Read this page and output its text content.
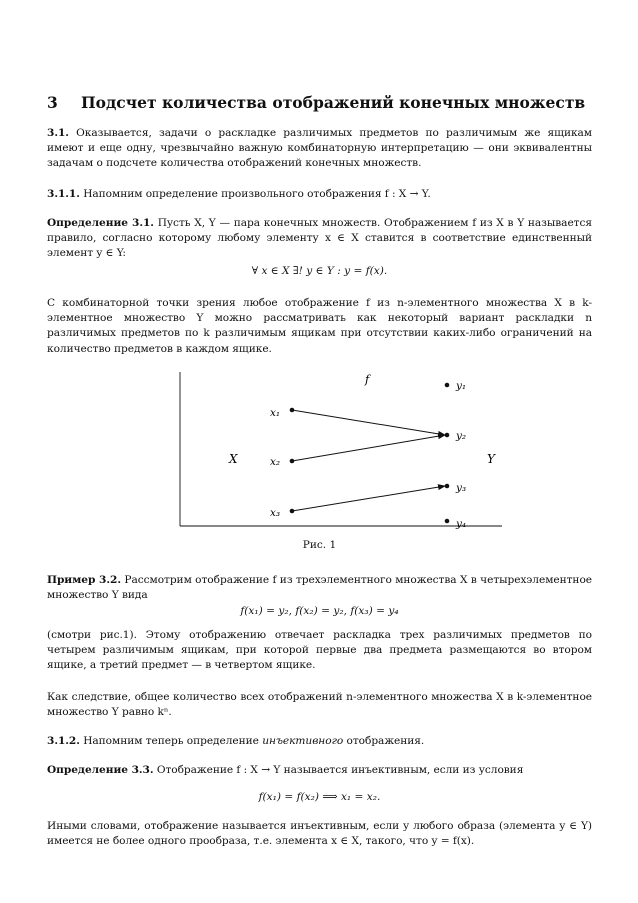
3 Подсчет количества отображений конечных множеств
3.1. Оказывается, задачи о раскладке различимых предметов по различимым же ящикам имеют и еще одну, чрезвычайно важную комбинаторную интерпретацию — они эквивалентны задачам о подсчете количества отображений конечных множеств.
3.1.1. Напомним определение произвольного отображения f : X → Y.
Определение 3.1. Пусть X, Y — пара конечных множеств. Отображением f из X в Y называется правило, согласно которому любому элементу x ∈ X ставится в соответствие единственный элемент y ∈ Y:
∀ x ∈ X ∃! y ∈ Y : y = f(x).
С комбинаторной точки зрения любое отображение f из n-элементного множества X в k-элементное множество Y можно рассматривать как некоторый вариант раскладки n различимых предметов по k различимым ящикам при отсутствии каких-либо ограничений на количество предметов в каждом ящике.
f
X	Y
x₁
x₂
x₃
y₁
y₂
y₃
y₄
Рис. 1
Пример 3.2. Рассмотрим отображение f из трехэлементного множества X в четырехэлементное множество Y вида
f(x₁) = y₂, f(x₂) = y₂, f(x₃) = y₄
(смотри рис.1). Этому отображению отвечает раскладка трех различимых предметов по четырем различимым ящикам, при которой первые два предмета размещаются во втором ящике, а третий предмет — в четвертом ящике.
Как следствие, общее количество всех отображений n-элементного множества X в k-элементное множество Y равно kⁿ.
3.1.2. Напомним теперь определение инъективного отображения.
Определение 3.3. Отображение f : X → Y называется инъективным, если из условия
f(x₁) = f(x₂) ⟹ x₁ = x₂.
Иными словами, отображение называется инъективным, если у любого образа (элемента y ∈ Y) имеется не более одного прообраза, т.е. элемента x ∈ X, такого, что y = f(x).
